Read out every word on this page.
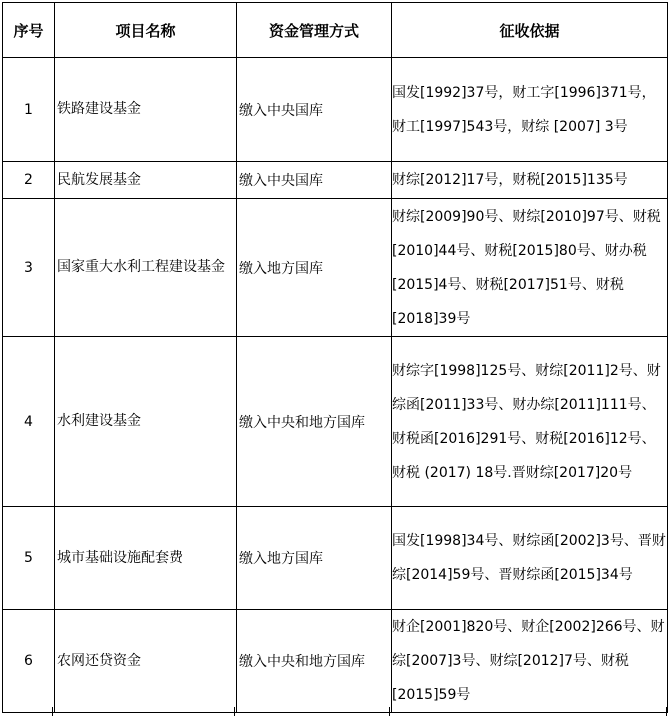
序号	项目名称	资金管理方式	征收依据
1	铁路建设基金	缴入中央国库	国发[1992]37号，财工字[1996]371号，财工[1997]543号，财综 [2007] 3号
2	民航发展基金	缴入中央国库	财综[2012]17号，财税[2015]135号
3	国家重大水利工程建设基金	缴入地方国库	财综[2009]90号、财综[2010]97号、财税[2010]44号、财税[2015]80号、财办税[2015]4号、财税[2017]51号、财税[2018]39号
4	水利建设基金	缴入中央和地方国库	财综字[1998]125号、财综[2011]2号、财综函[2011]33号、财办综[2011]111号、财税函[2016]291号、财税[2016]12号、财税 (2017) 18号.晋财综[2017]20号
5	城市基础设施配套费	缴入地方国库	国发[1998]34号、财综函[2002]3号、晋财综[2014]59号、晋财综函[2015]34号
6	农网还贷资金	缴入中央和地方国库	财企[2001]820号、财企[2002]266号、财综[2007]3号、财综[2012]7号、财税[2015]59号
